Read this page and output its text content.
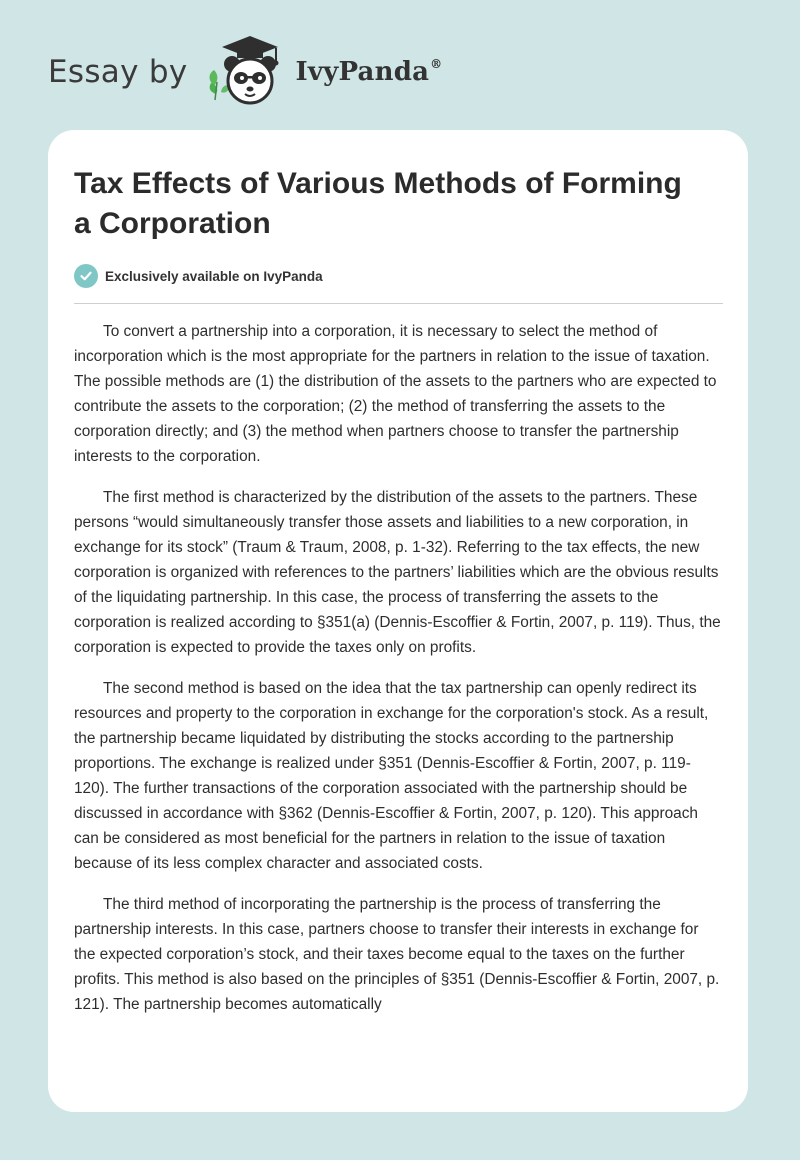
Essay by	IvyPanda®
Tax Effects of Various Methods of Forming a Corporation
Exclusively available on IvyPanda

To convert a partnership into a corporation, it is necessary to select the method of incorporation which is the most appropriate for the partners in relation to the issue of taxation. The possible methods are (1) the distribution of the assets to the partners who are expected to contribute the assets to the corporation; (2) the method of transferring the assets to the corporation directly; and (3) the method when partners choose to transfer the partnership interests to the corporation.

The first method is characterized by the distribution of the assets to the partners. These persons “would simultaneously transfer those assets and liabilities to a new corporation, in exchange for its stock” (Traum & Traum, 2008, p. 1-32). Referring to the tax effects, the new corporation is organized with references to the partners’ liabilities which are the obvious results of the liquidating partnership. In this case, the process of transferring the assets to the corporation is realized according to §351(a) (Dennis-Escoffier & Fortin, 2007, p. 119). Thus, the corporation is expected to provide the taxes only on profits.

The second method is based on the idea that the tax partnership can openly redirect its resources and property to the corporation in exchange for the corporation's stock. As a result, the partnership became liquidated by distributing the stocks according to the partnership proportions. The exchange is realized under §351 (Dennis-Escoffier & Fortin, 2007, p. 119-120). The further transactions of the corporation associated with the partnership should be discussed in accordance with §362 (Dennis-Escoffier & Fortin, 2007, p. 120). This approach can be considered as most beneficial for the partners in relation to the issue of taxation because of its less complex character and associated costs.

The third method of incorporating the partnership is the process of transferring the partnership interests. In this case, partners choose to transfer their interests in exchange for the expected corporation’s stock, and their taxes become equal to the taxes on the further profits. This method is also based on the principles of §351 (Dennis-Escoffier & Fortin, 2007, p. 121). The partnership becomes automatically
